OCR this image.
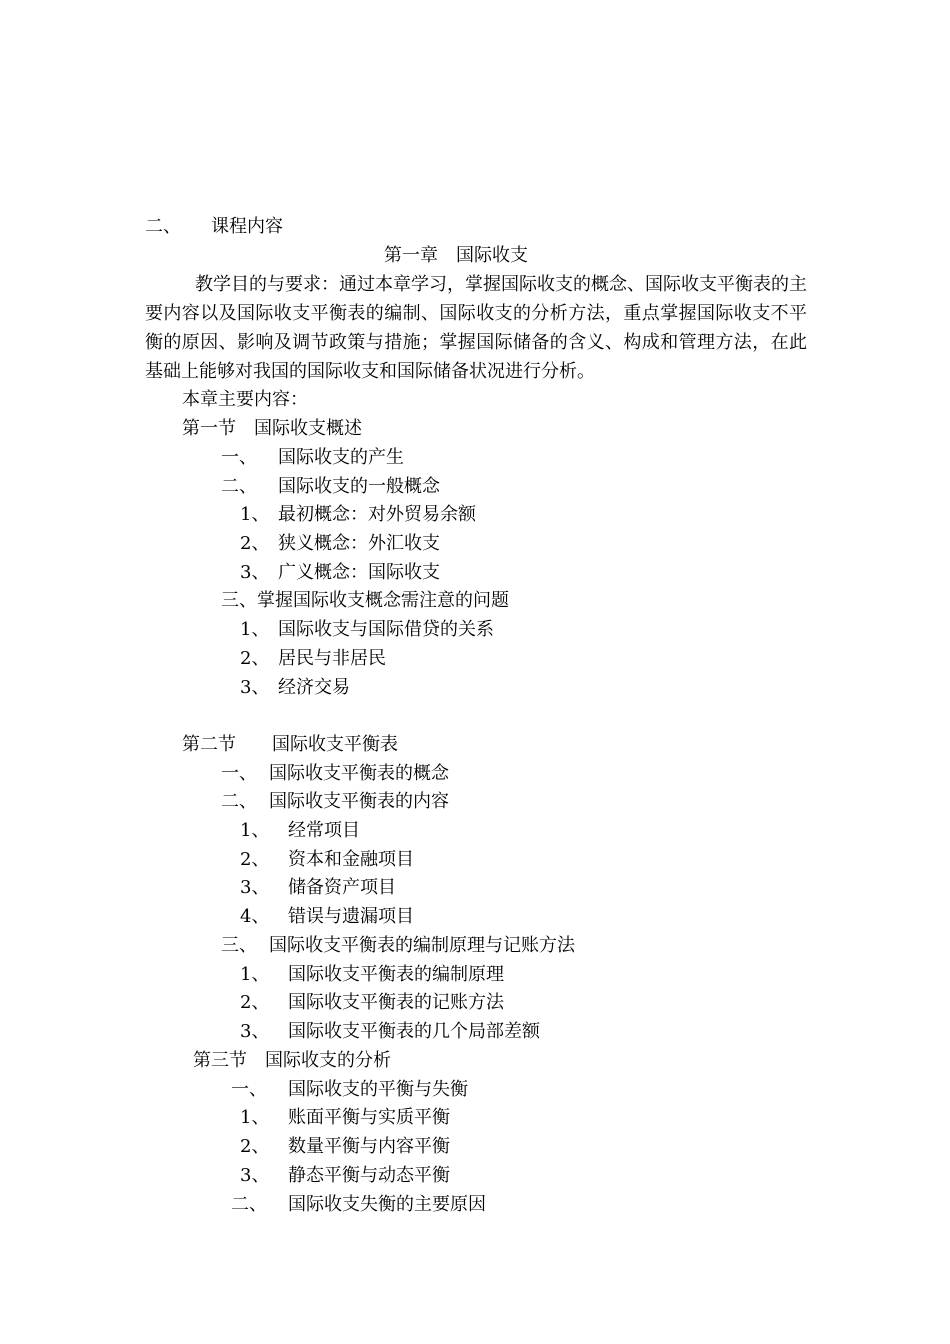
二、 课程内容
第一章　国际收支
教学目的与要求：通过本章学习，掌握国际收支的概念、国际收支平衡表的主要内容以及国际收支平衡表的编制、国际收支的分析方法，重点掌握国际收支不平衡的原因、影响及调节政策与措施；掌握国际储备的含义、构成和管理方法，在此基础上能够对我国的国际收支和国际储备状况进行分析。
本章主要内容：
第一节　国际收支概述
一、 国际收支的产生
二、 国际收支的一般概念
1、 最初概念：对外贸易余额
2、 狭义概念：外汇收支
3、 广义概念：国际收支
三、掌握国际收支概念需注意的问题
1、 国际收支与国际借贷的关系
2、 居民与非居民
3、 经济交易
第二节　　国际收支平衡表
一、 国际收支平衡表的概念
二、 国际收支平衡表的内容
1、 经常项目
2、 资本和金融项目
3、 储备资产项目
4、 错误与遗漏项目
三、 国际收支平衡表的编制原理与记账方法
1、 国际收支平衡表的编制原理
2、 国际收支平衡表的记账方法
3、 国际收支平衡表的几个局部差额
第三节　国际收支的分析
一、 国际收支的平衡与失衡
1、 账面平衡与实质平衡
2、 数量平衡与内容平衡
3、 静态平衡与动态平衡
二、 国际收支失衡的主要原因
